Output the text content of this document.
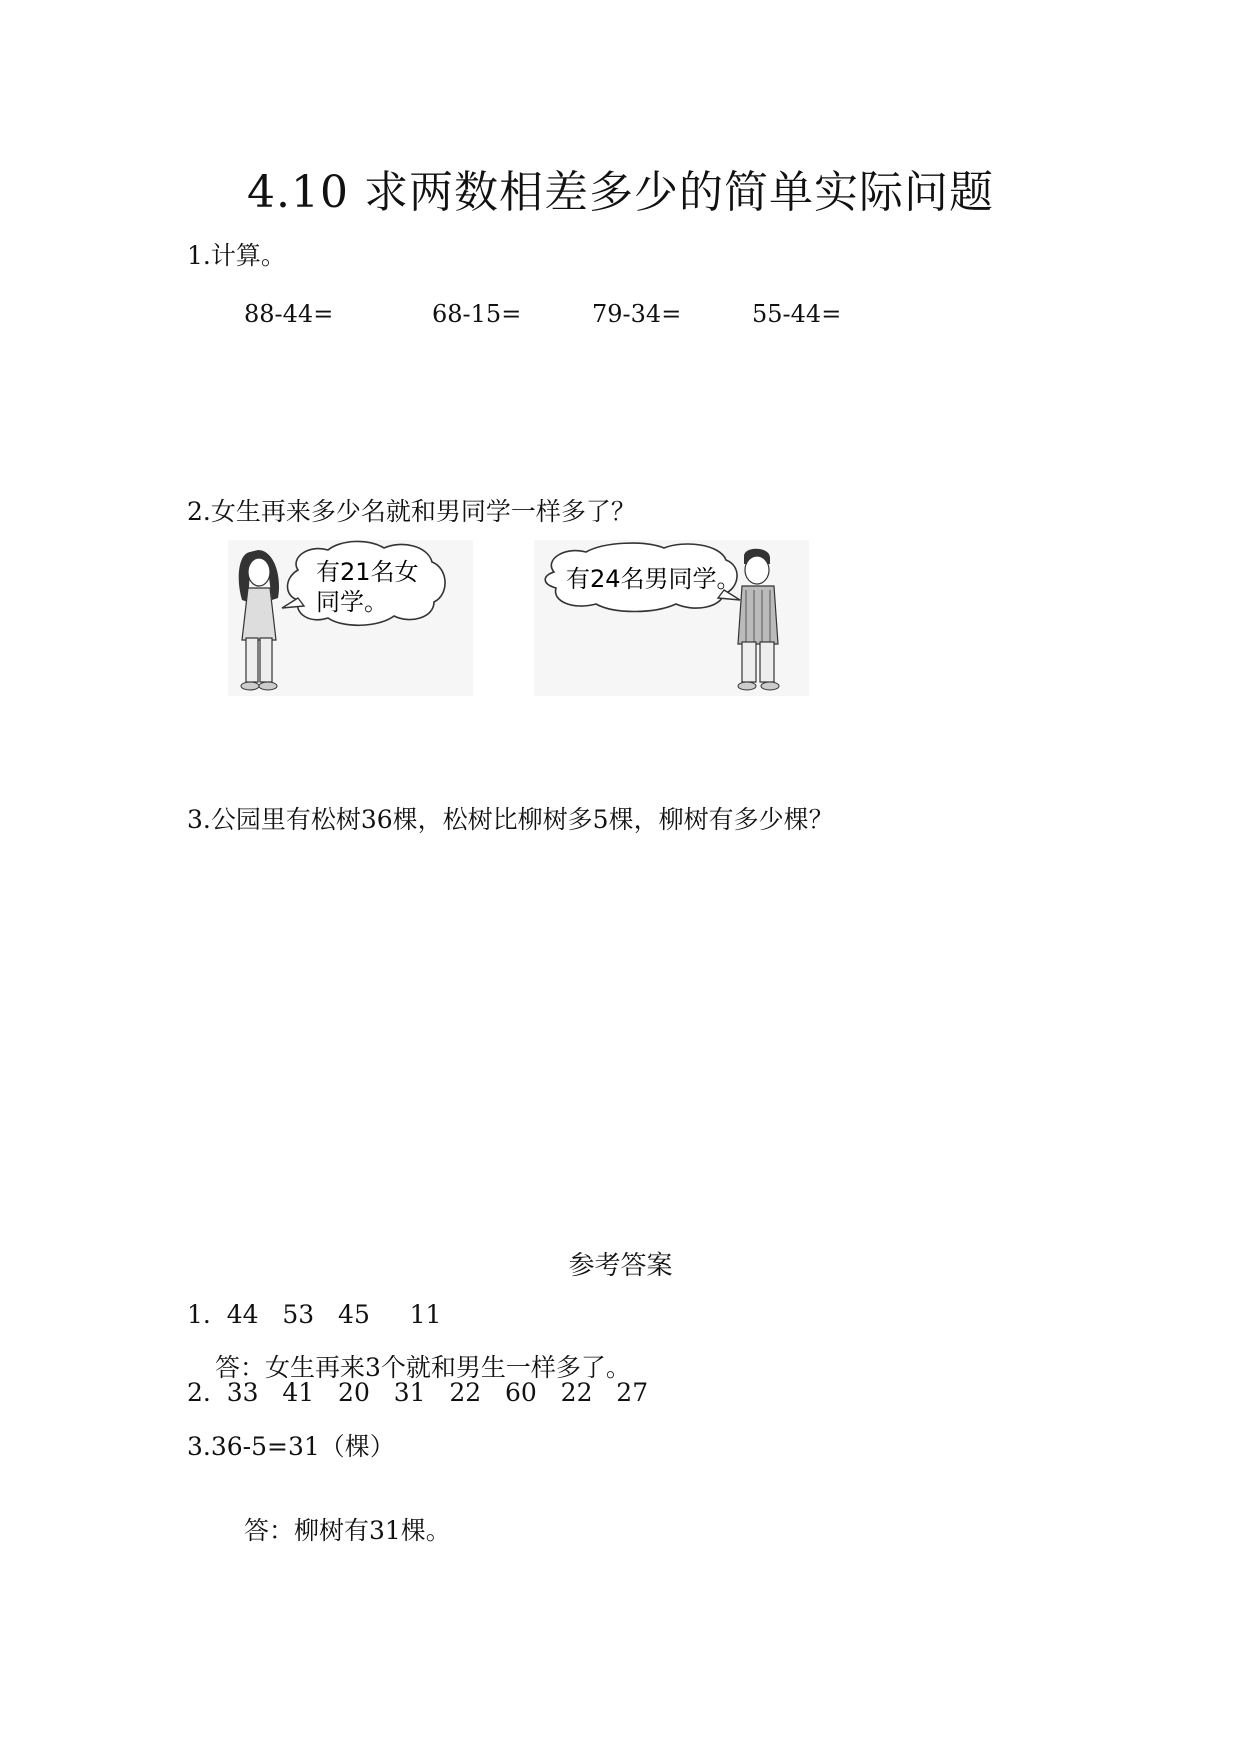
4.10 求两数相差多少的简单实际问题
1.计算。
88-44=	68-15=	79-34=	55-44=
2.女生再来多少名就和男同学一样多了？
有21名女
同学。
有24名男同学。
3.公园里有松树36棵，松树比柳树多5棵，柳树有多少棵？
参考答案
1.  44   53   45     11
答：女生再来3个就和男生一样多了。
2.  33   41   20   31   22   60   22   27
3.36-5=31（棵）
答：柳树有31棵。
